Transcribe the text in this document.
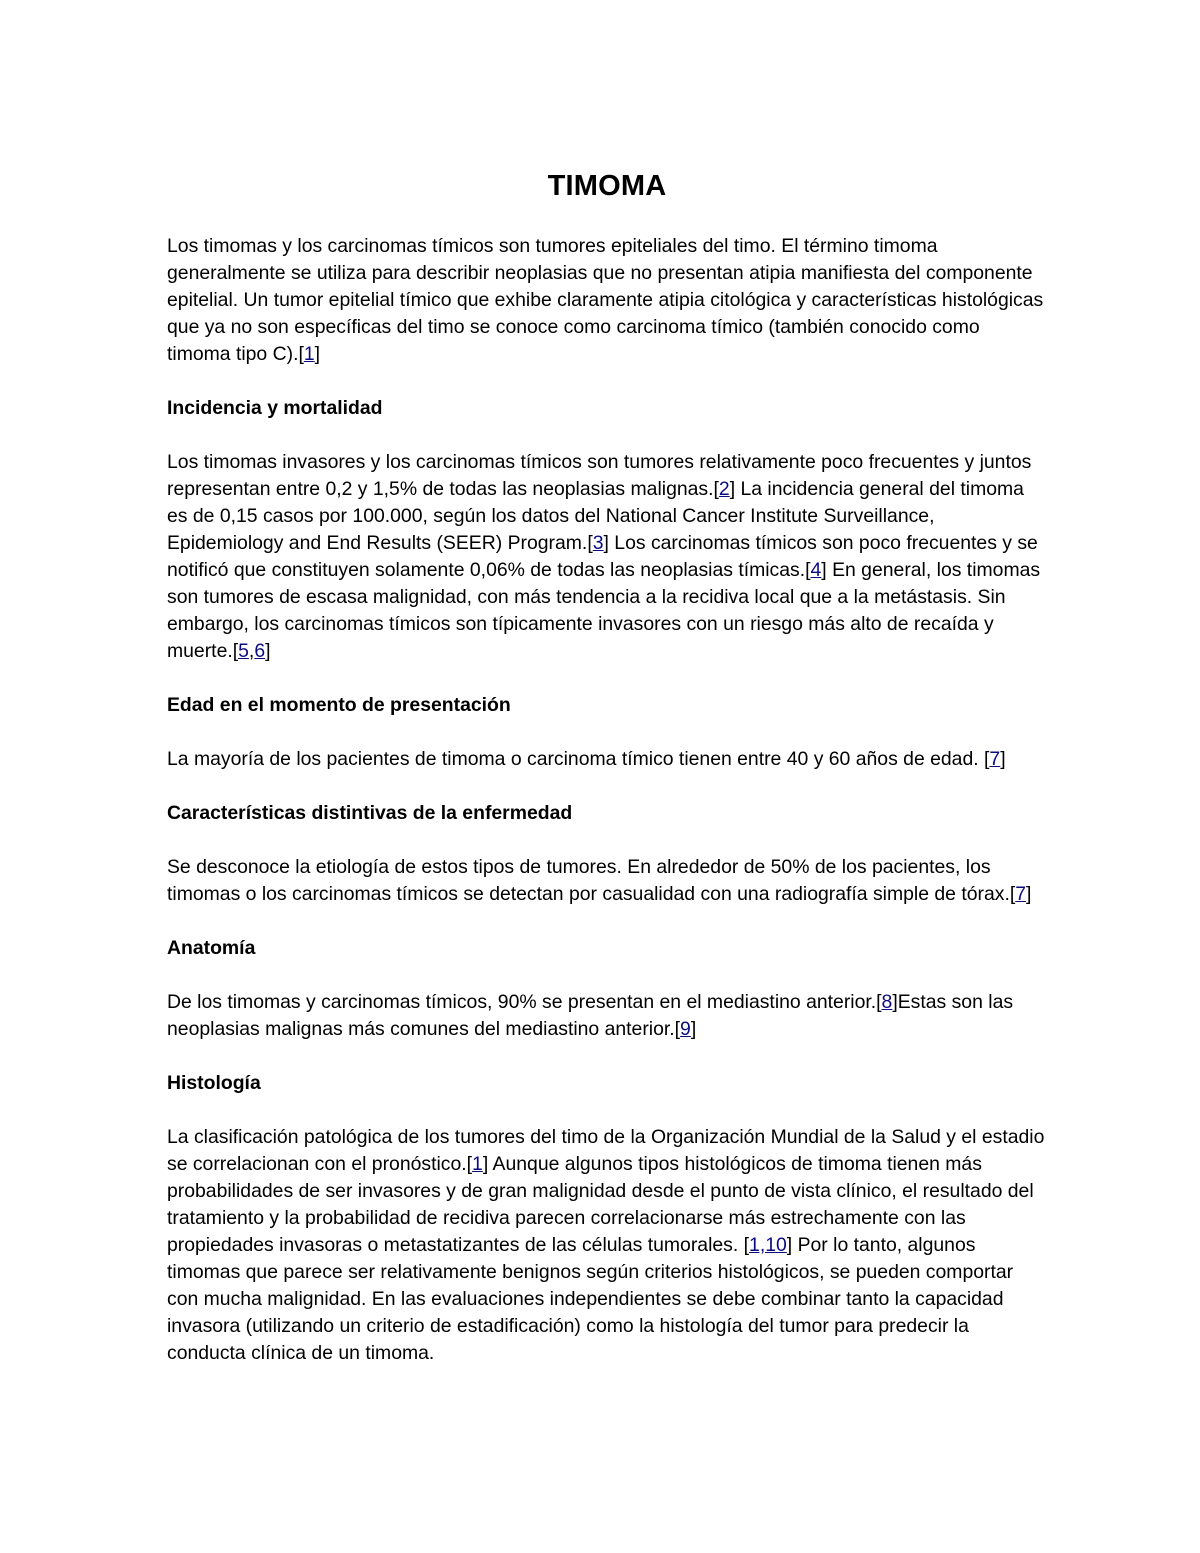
TIMOMA

Los timomas y los carcinomas tímicos son tumores epiteliales del timo. El término timoma generalmente se utiliza para describir neoplasias que no presentan atipia manifiesta del componente epitelial. Un tumor epitelial tímico que exhibe claramente atipia citológica y características histológicas que ya no son específicas del timo se conoce como carcinoma tímico (también conocido como timoma tipo C).[1]

Incidencia y mortalidad

Los timomas invasores y los carcinomas tímicos son tumores relativamente poco frecuentes y juntos representan entre 0,2 y 1,5% de todas las neoplasias malignas.[2] La incidencia general del timoma es de 0,15 casos por 100.000, según los datos del National Cancer Institute Surveillance, Epidemiology and End Results (SEER) Program.[3] Los carcinomas tímicos son poco frecuentes y se notificó que constituyen solamente 0,06% de todas las neoplasias tímicas.[4] En general, los timomas son tumores de escasa malignidad, con más tendencia a la recidiva local que a la metástasis. Sin embargo, los carcinomas tímicos son típicamente invasores con un riesgo más alto de recaída y muerte.[5,6]

Edad en el momento de presentación

La mayoría de los pacientes de timoma o carcinoma tímico tienen entre 40 y 60 años de edad. [7]

Características distintivas de la enfermedad

Se desconoce la etiología de estos tipos de tumores. En alrededor de 50% de los pacientes, los timomas o los carcinomas tímicos se detectan por casualidad con una radiografía simple de tórax.[7]

Anatomía

De los timomas y carcinomas tímicos, 90% se presentan en el mediastino anterior.[8]Estas son las neoplasias malignas más comunes del mediastino anterior.[9]

Histología

La clasificación patológica de los tumores del timo de la Organización Mundial de la Salud y el estadio se correlacionan con el pronóstico.[1] Aunque algunos tipos histológicos de timoma tienen más probabilidades de ser invasores y de gran malignidad desde el punto de vista clínico, el resultado del tratamiento y la probabilidad de recidiva parecen correlacionarse más estrechamente con las propiedades invasoras o metastatizantes de las células tumorales. [1,10] Por lo tanto, algunos timomas que parece ser relativamente benignos según criterios histológicos, se pueden comportar con mucha malignidad. En las evaluaciones independientes se debe combinar tanto la capacidad invasora (utilizando un criterio de estadificación) como la histología del tumor para predecir la conducta clínica de un timoma.
